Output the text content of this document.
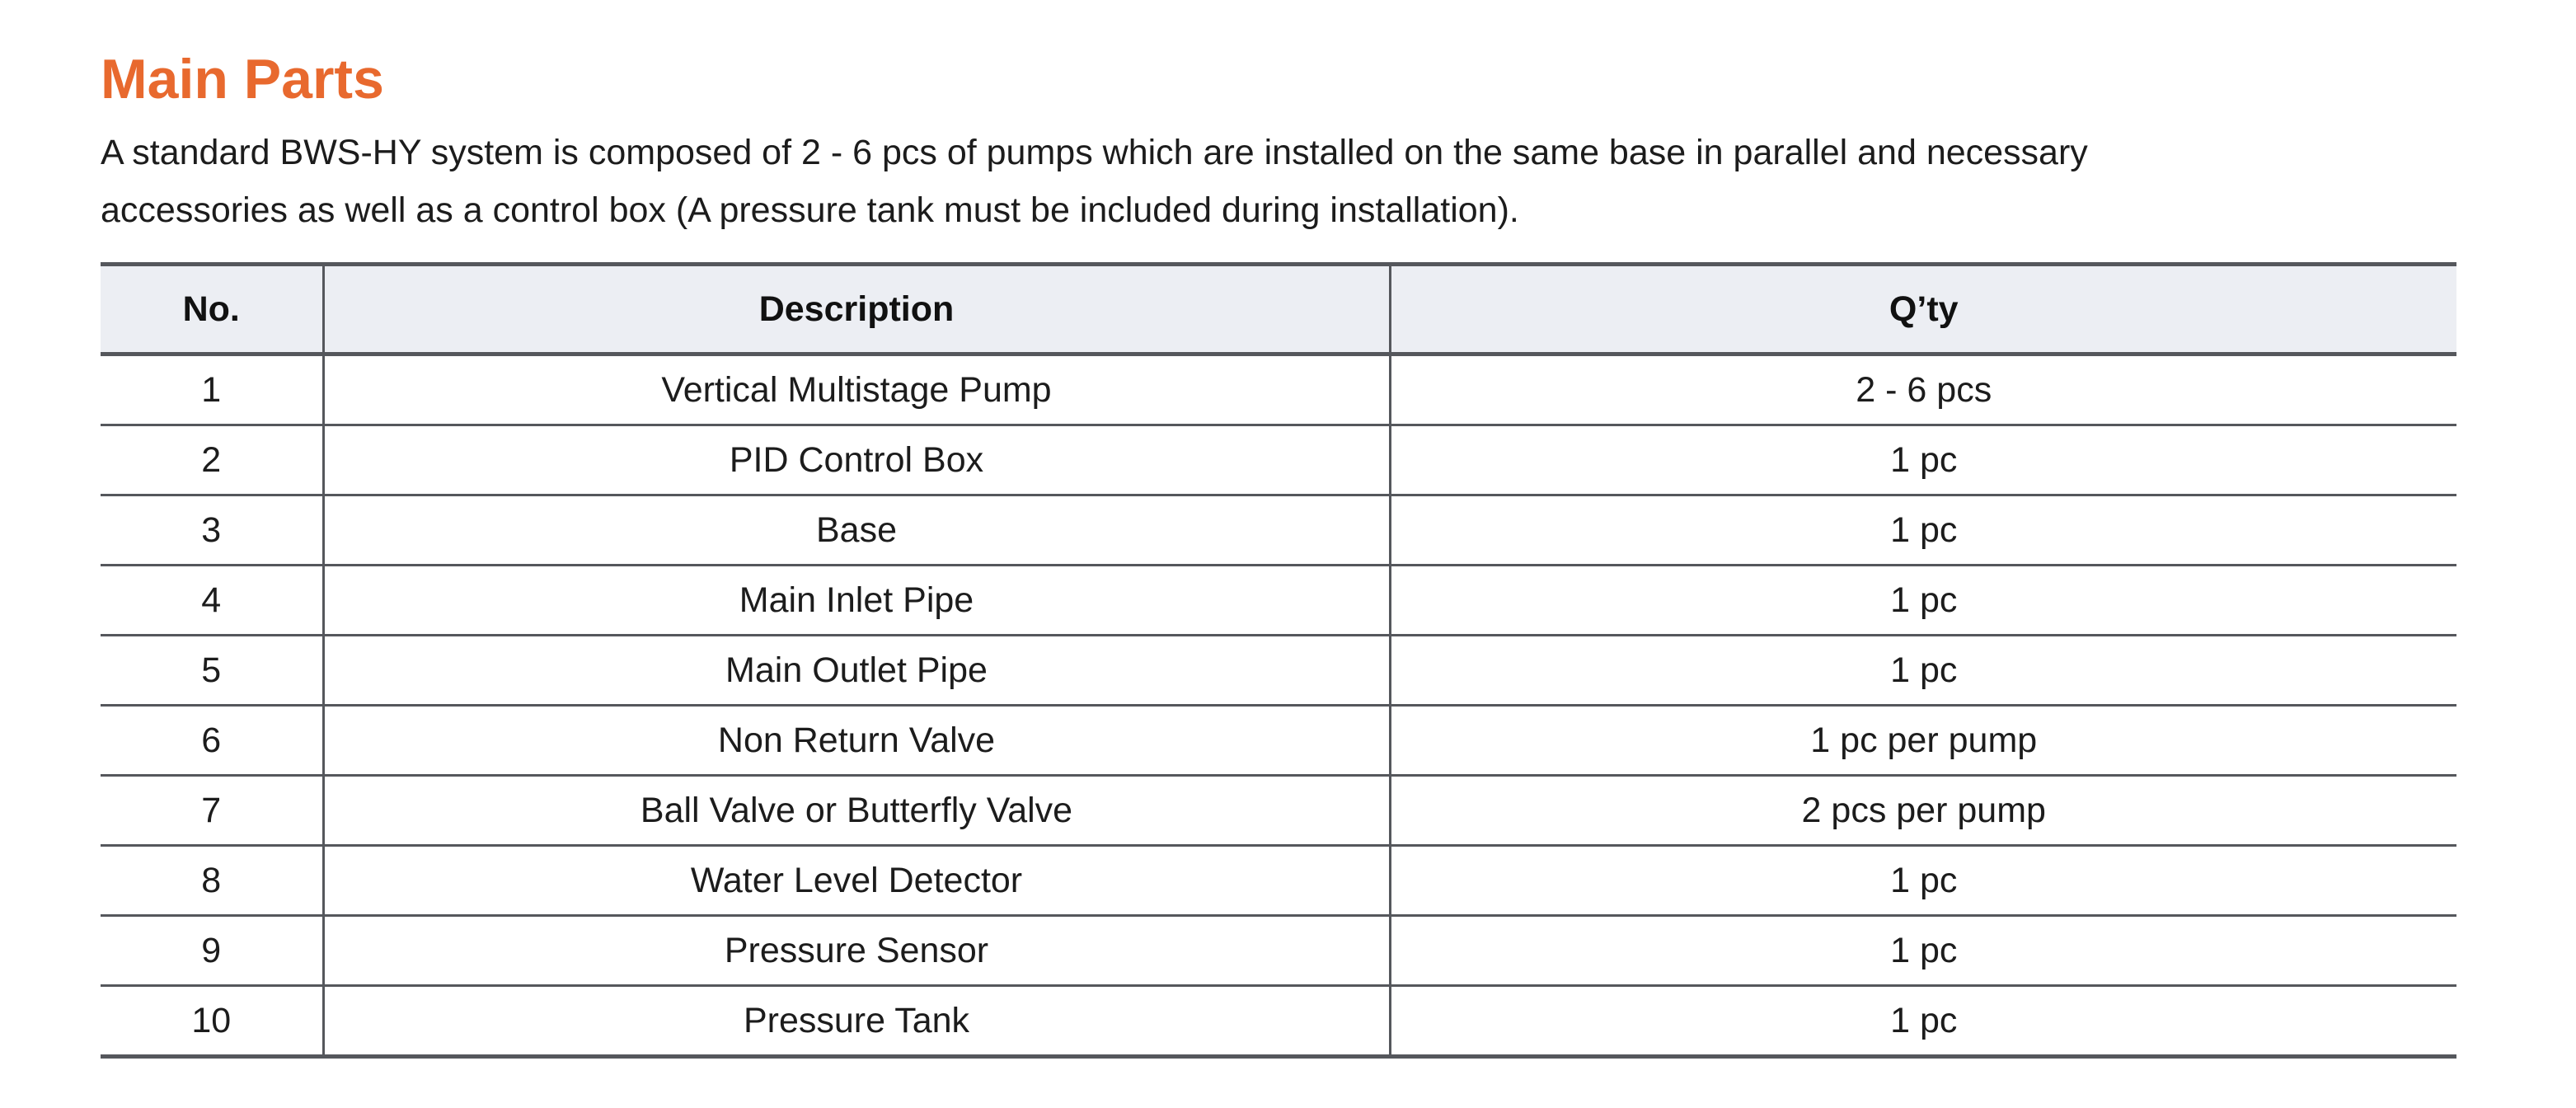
Main Parts

A standard BWS-HY system is composed of 2 - 6 pcs of pumps which are installed on the same base in parallel and necessary
accessories as well as a control box (A pressure tank must be included during installation).

No.	Description	Q’ty
1	Vertical Multistage Pump	2 - 6 pcs
2	PID Control Box	1 pc
3	Base	1 pc
4	Main Inlet Pipe	1 pc
5	Main Outlet Pipe	1 pc
6	Non Return Valve	1 pc per pump
7	Ball Valve or Butterfly Valve	2 pcs per pump
8	Water Level Detector	1 pc
9	Pressure Sensor	1 pc
10	Pressure Tank	1 pc
